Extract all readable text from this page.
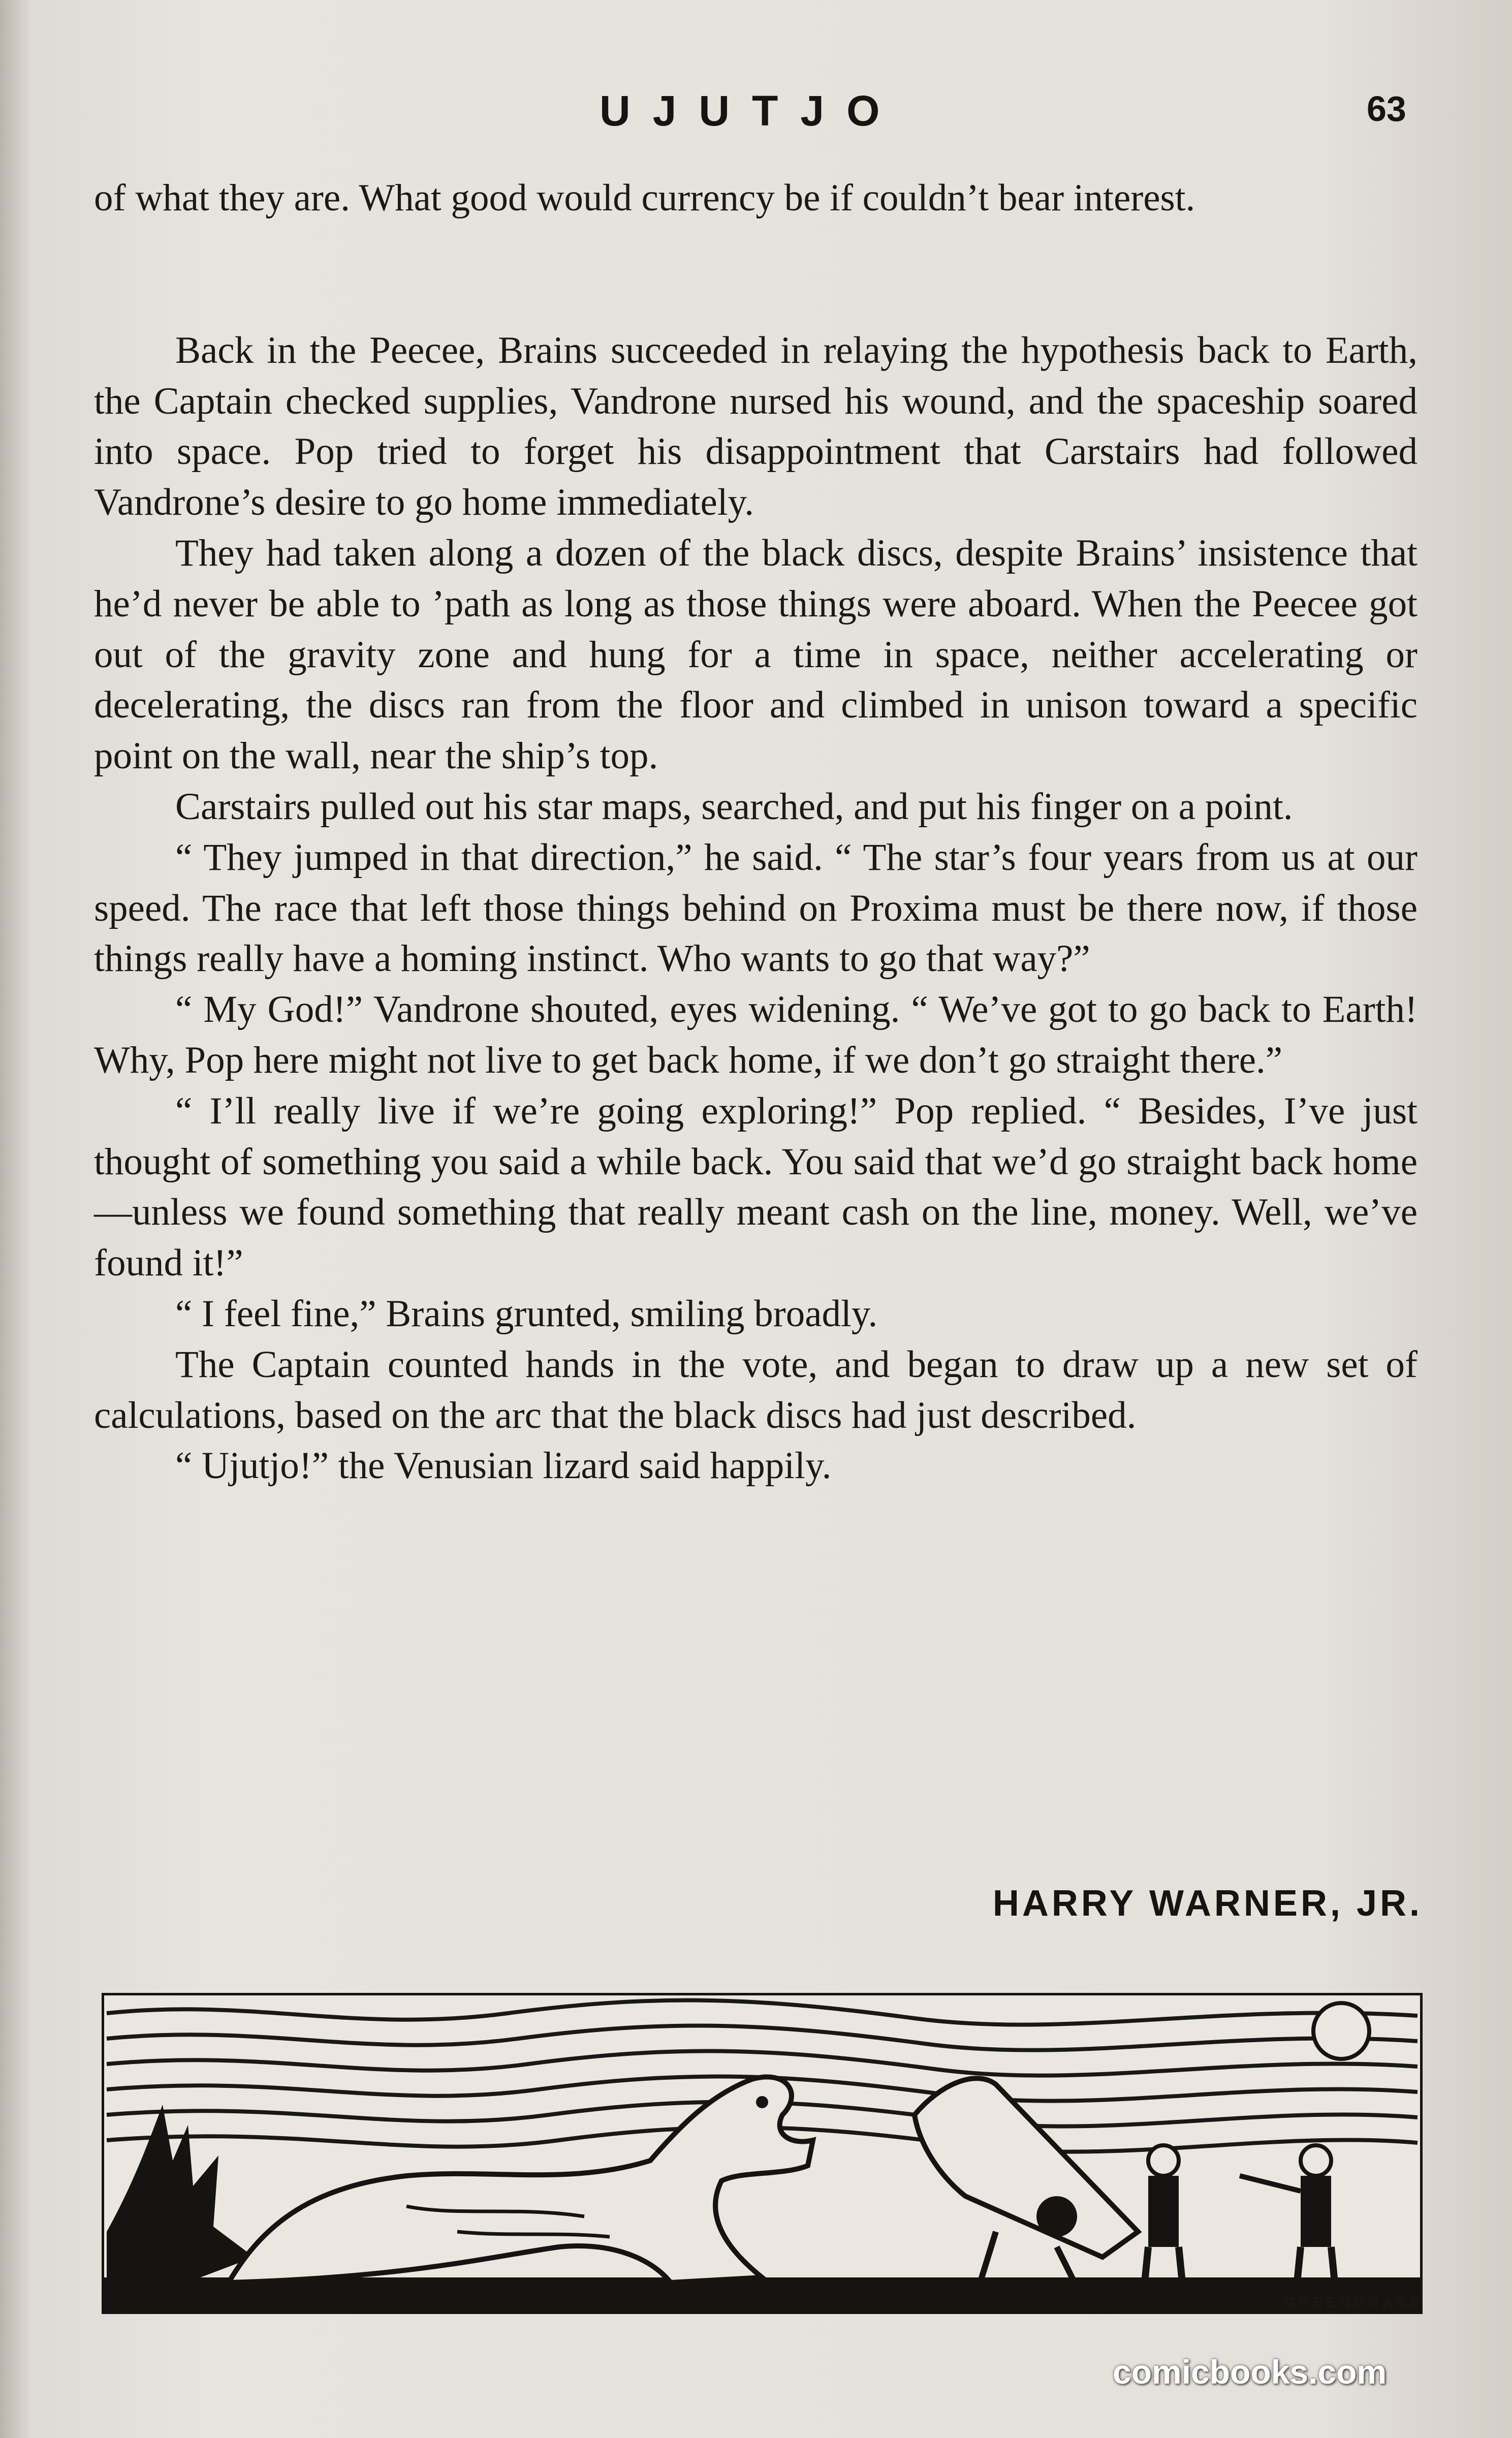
UJUTJO	63

of what they are. What good would currency be if couldn’t bear interest.

Back in the Peecee, Brains succeeded in relaying the hypothesis back to Earth, the Captain checked supplies, Vandrone nursed his wound, and the spaceship soared into space. Pop tried to forget his disappointment that Carstairs had followed Vandrone’s desire to go home immediately.

They had taken along a dozen of the black discs, despite Brains’ insistence that he’d never be able to ’path as long as those things were aboard. When the Peecee got out of the gravity zone and hung for a time in space, neither accelerating or decelerating, the discs ran from the floor and climbed in unison toward a specific point on the wall, near the ship’s top.

Carstairs pulled out his star maps, searched, and put his finger on a point.

“ They jumped in that direction,” he said. “ The star’s four years from us at our speed. The race that left those things behind on Proxima must be there now, if those things really have a homing instinct. Who wants to go that way?”

“ My God!” Vandrone shouted, eyes widening. “ We’ve got to go back to Earth! Why, Pop here might not live to get back home, if we don’t go straight there.”

“ I’ll really live if we’re going exploring!” Pop replied. “ Besides, I’ve just thought of something you said a while back. You said that we’d go straight back home—unless we found something that really meant cash on the line, money. Well, we’ve found it!”

“ I feel fine,” Brains grunted, smiling broadly.

The Captain counted hands in the vote, and began to draw up a new set of calculations, based on the arc that the black discs had just described.

“ Ujutjo!” the Venusian lizard said happily.

HARRY WARNER, JR.
GREENGRASS
comicbooks.com
